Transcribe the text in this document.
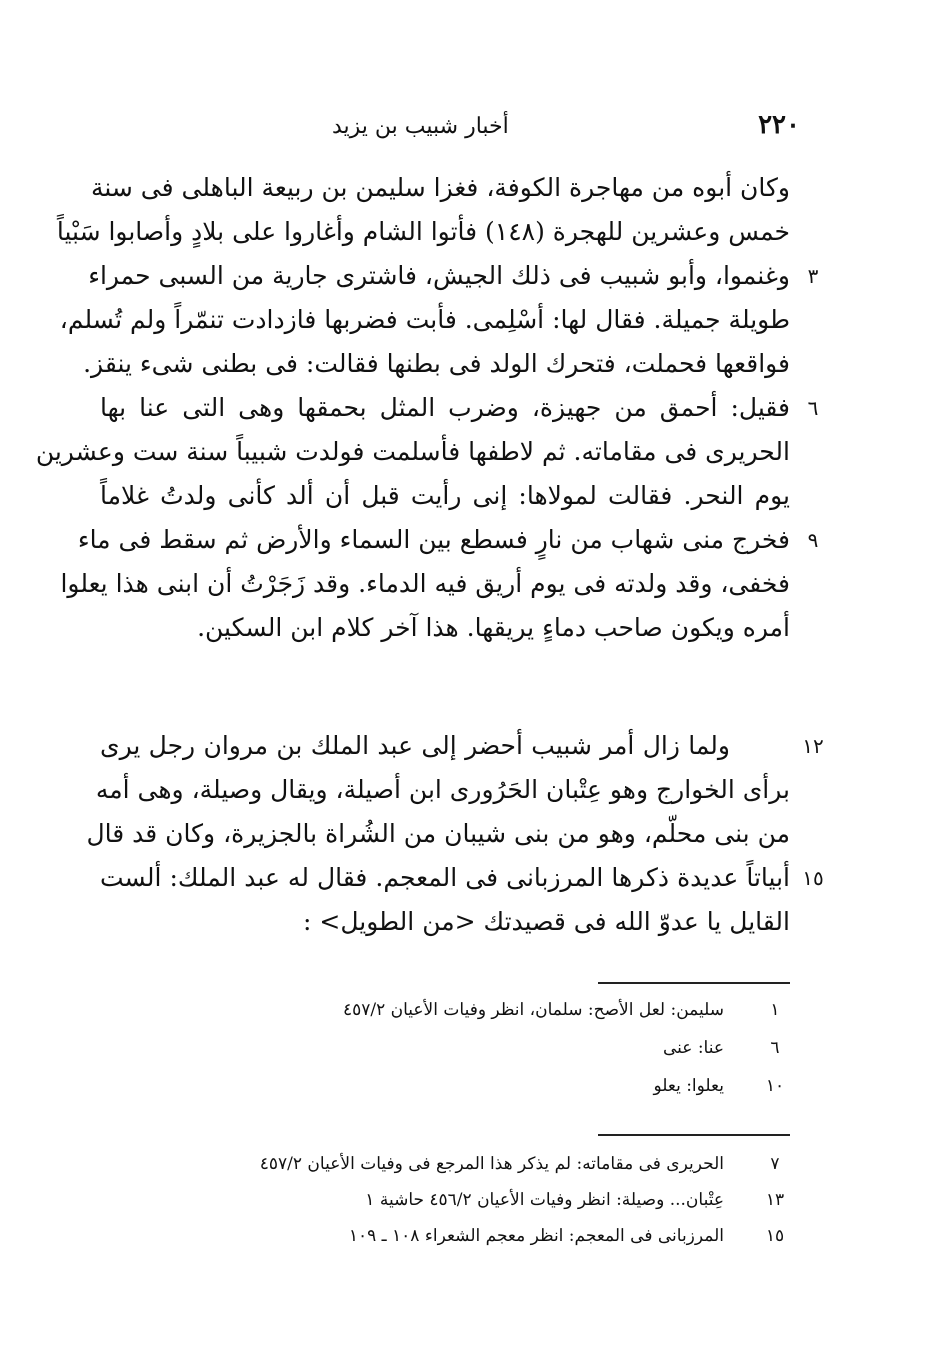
٢٢٠
أخبار شبيب بن يزيد
وكان أبوه من مهاجرة الكوفة، فغزا سليمن بن ربيعة الباهلى فى سنة
خمس وعشرين للهجرة (١٤٨) فأتوا الشام وأغاروا على بلادٍ وأصابوا سَبْياً
وغنموا، وأبو شبيب فى ذلك الجيش، فاشترى جارية من السبى حمراء
طويلة جميلة. فقال لها: أسْلِمى. فأبت فضربها فازدادت تنمّراً ولم تُسلم،
فواقعها فحملت، فتحرك الولد فى بطنها فقالت: فى بطنى شىء ينقز.
فقيل: أحمق من جهيزة، وضرب المثل بحمقها وهى التى عنا بها
الحريرى فى مقاماته. ثم لاطفها فأسلمت فولدت شبيباً سنة ست وعشرين
يوم النحر. فقالت لمولاها: إنى رأيت قبل أن ألد كأنى ولدتُ غلاماً
فخرج منى شهاب من نارٍ فسطع بين السماء والأرض ثم سقط فى ماء
فخفى، وقد ولدته فى يوم أريق فيه الدماء. وقد زَجَرْتُ أن ابنى هذا يعلوا
أمره ويكون صاحب دماءٍ يريقها. هذا آخر كلام ابن السكين.
٣
٦
٩
ولما زال أمر شبيب أحضر إلى عبد الملك بن مروان رجل يرى
برأى الخوارج وهو عِتْبان الحَرُورى ابن أصيلة، ويقال وصيلة، وهى أمه
من بنى محلّم، وهو من بنى شيبان من الشُراة بالجزيرة، وكان قد قال
أبياتاً عديدة ذكرها المرزبانى فى المعجم. فقال له عبد الملك: ألست
القايل يا عدوّ الله فى قصيدتك <من الطويل> :
١٢
١٥
١
سليمن: لعل الأصح: سلمان، انظر وفيات الأعيان ٤٥٧/٢
٦
عنا: عنى
١٠
يعلوا: يعلو
٧
الحريرى فى مقاماته: لم يذكر هذا المرجع فى وفيات الأعيان ٤٥٧/٢
١٣
عِتْبان... وصيلة: انظر وفيات الأعيان ٤٥٦/٢ حاشية ١
١٥
المرزبانى فى المعجم: انظر معجم الشعراء ١٠٨ ـ ١٠٩
